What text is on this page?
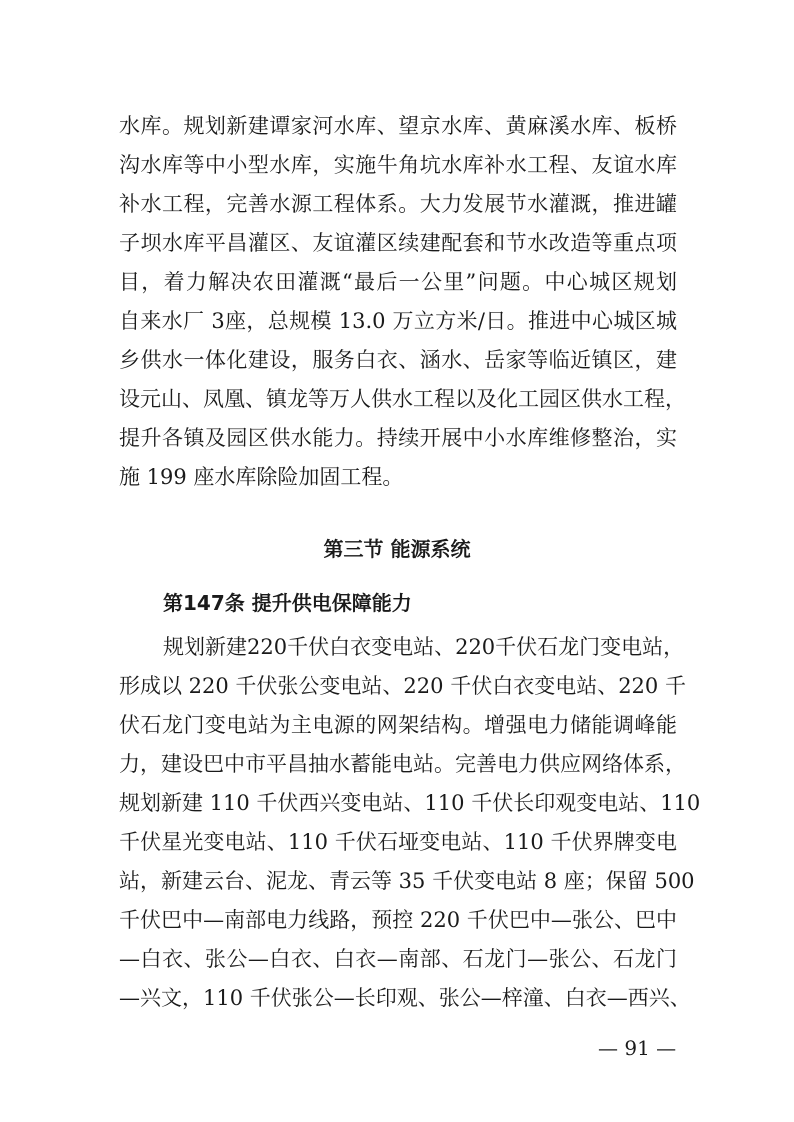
水库。规划新建谭家河水库、望京水库、黄麻溪水库、板桥
沟水库等中小型水库，实施牛角坑水库补水工程、友谊水库
补水工程，完善水源工程体系。大力发展节水灌溉，推进罐
子坝水库平昌灌区、友谊灌区续建配套和节水改造等重点项
目，着力解决农田灌溉“最后一公里”问题。中心城区规划
自来水厂 3座，总规模 13.0 万立方米/日。推进中心城区城
乡供水一体化建设，服务白衣、涵水、岳家等临近镇区，建
设元山、凤凰、镇龙等万人供水工程以及化工园区供水工程，
提升各镇及园区供水能力。持续开展中小水库维修整治，实
施 199 座水库除险加固工程。
第三节 能源系统
第147条 提升供电保障能力
规划新建220千伏白衣变电站、220千伏石龙门变电站，
形成以 220 千伏张公变电站、220 千伏白衣变电站、220 千
伏石龙门变电站为主电源的网架结构。增强电力储能调峰能
力，建设巴中市平昌抽水蓄能电站。完善电力供应网络体系，
规划新建 110 千伏西兴变电站、110 千伏长印观变电站、110
千伏星光变电站、110 千伏石垭变电站、110 千伏界牌变电
站，新建云台、泥龙、青云等 35 千伏变电站 8 座；保留 500
千伏巴中—南部电力线路，预控 220 千伏巴中—张公、巴中
—白衣、张公—白衣、白衣—南部、石龙门—张公、石龙门
—兴文，110 千伏张公—长印观、张公—梓潼、白衣—西兴、
— 91 —
